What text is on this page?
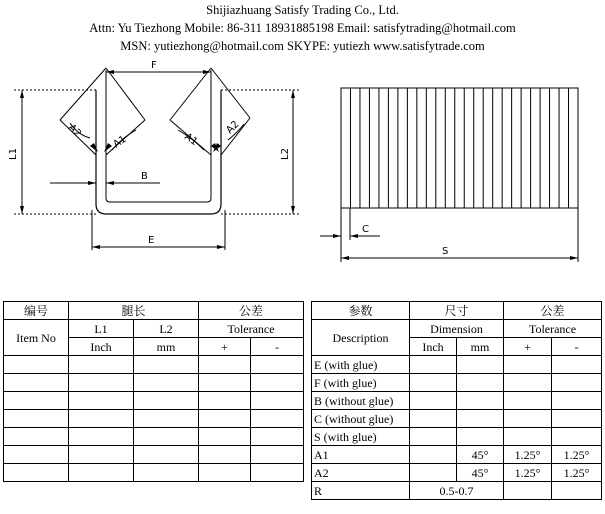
Shijiazhuang Satisfy Trading Co., Ltd.
Attn: Yu Tiezhong Mobile: 86-311 18931885198 Email: satisfytrading@hotmail.com
MSN: yutiezhong@hotmail.com SKYPE: yutiezh www.satisfytrade.com
F
E
B
L1	L2
A2
A1	A1
A2
C
S
编号	腿长		公差	
Item No	L1	L2	Tolerance	
	Inch	mm	+	-

参数	尺寸		公差	
Description	Dimension		Tolerance	
	Inch	mm	+	-
E (with glue)				
F (with glue)				
B (without glue)				
C (without glue)				
S (with glue)				
A1		45°	1.25°	1.25°
A2		45°	1.25°	1.25°
R	0.5-0.7			
